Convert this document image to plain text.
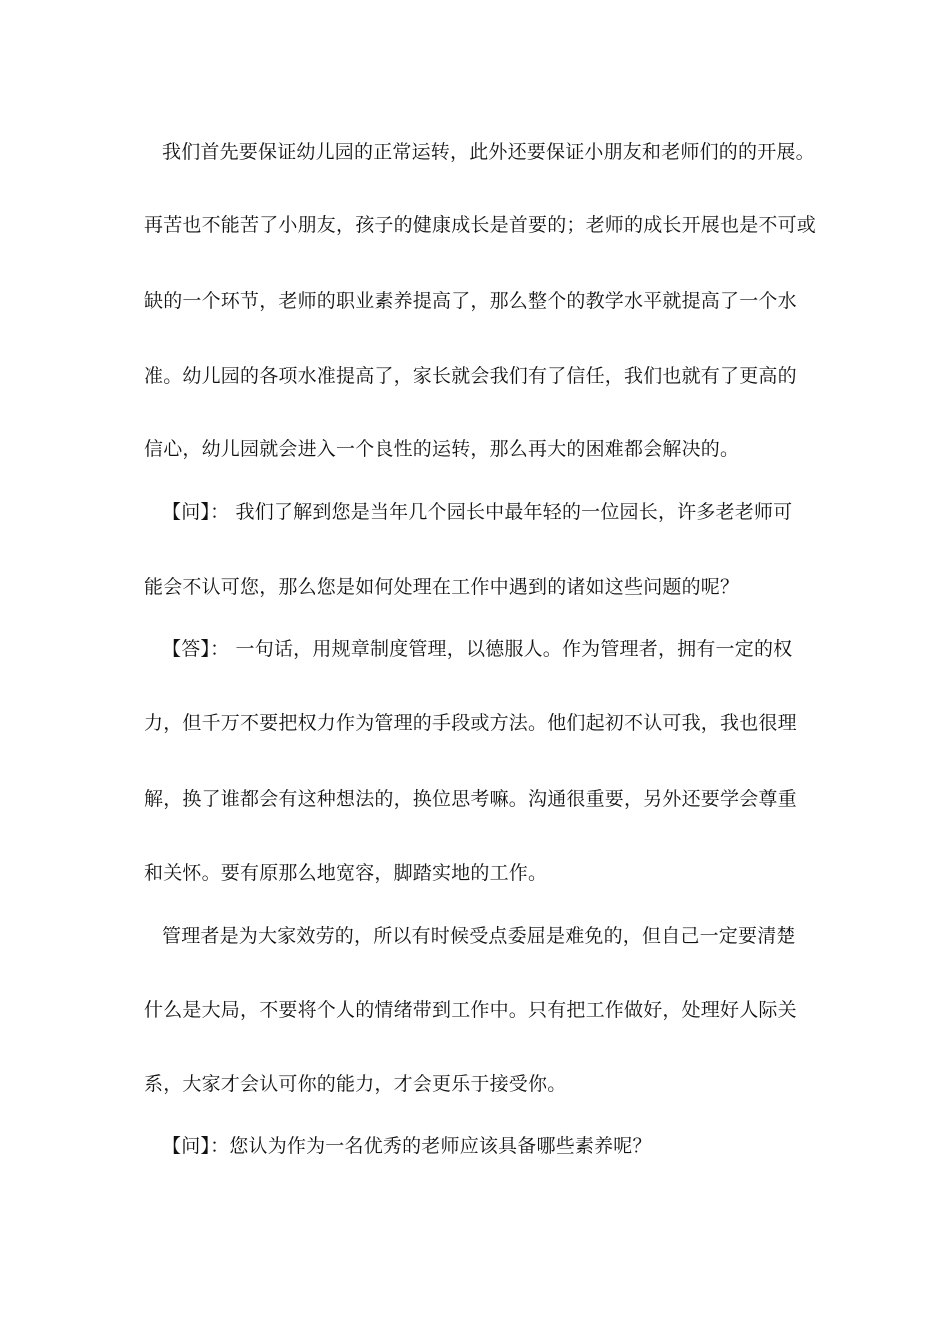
我们首先要保证幼儿园的正常运转，此外还要保证小朋友和老师们的的开展。
再苦也不能苦了小朋友，孩子的健康成长是首要的；老师的成长开展也是不可或
缺的一个环节，老师的职业素养提高了，那么整个的教学水平就提高了一个水
准。幼儿园的各项水准提高了，家长就会我们有了信任，我们也就有了更高的
信心，幼儿园就会进入一个良性的运转，那么再大的困难都会解决的。
【问】： 我们了解到您是当年几个园长中最年轻的一位园长，许多老老师可
能会不认可您，那么您是如何处理在工作中遇到的诸如这些问题的呢？
【答】： 一句话，用规章制度管理，以德服人。作为管理者，拥有一定的权
力，但千万不要把权力作为管理的手段或方法。他们起初不认可我，我也很理
解，换了谁都会有这种想法的，换位思考嘛。沟通很重要，另外还要学会尊重
和关怀。要有原那么地宽容，脚踏实地的工作。
管理者是为大家效劳的，所以有时候受点委屈是难免的，但自己一定要清楚
什么是大局，不要将个人的情绪带到工作中。只有把工作做好，处理好人际关
系，大家才会认可你的能力，才会更乐于接受你。
【问】：您认为作为一名优秀的老师应该具备哪些素养呢？
